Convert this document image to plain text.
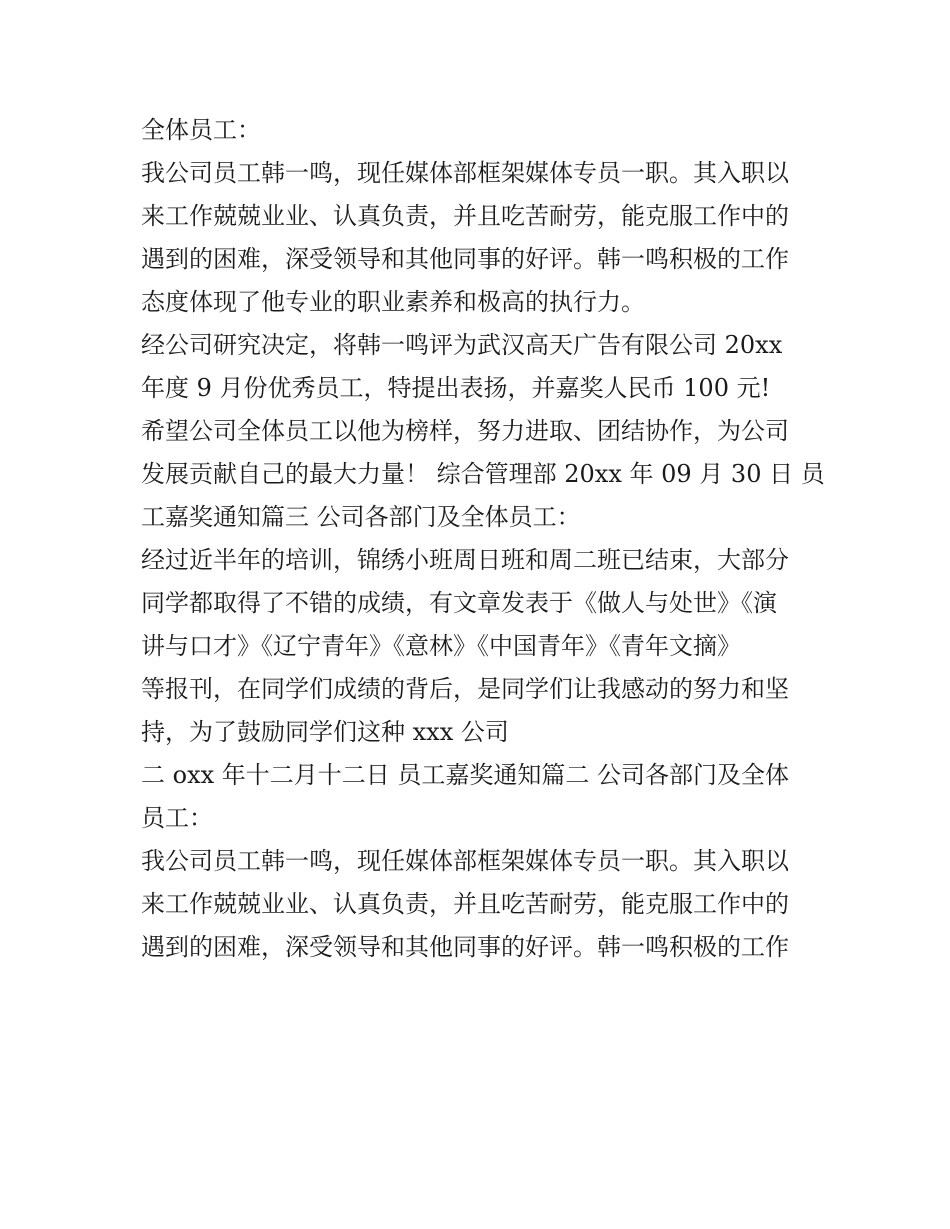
全体员工：

我公司员工韩一鸣，现任媒体部框架媒体专员一职。其入职以

来工作兢兢业业、认真负责，并且吃苦耐劳，能克服工作中的

遇到的困难，深受领导和其他同事的好评。韩一鸣积极的工作

态度体现了他专业的职业素养和极高的执行力。

经公司研究决定，将韩一鸣评为武汉高天广告有限公司 20xx

年度 9 月份优秀员工，特提出表扬，并嘉奖人民币 100 元!

希望公司全体员工以他为榜样，努力进取、团结协作，为公司

发展贡献自己的最大力量！ 综合管理部 20xx 年 09 月 30 日 员

工嘉奖通知篇三 公司各部门及全体员工：

经过近半年的培训，锦绣小班周日班和周二班已结束，大部分

同学都取得了不错的成绩，有文章发表于《做人与处世》《演

讲与口才》《辽宁青年》《意林》《中国青年》《青年文摘》

等报刊，在同学们成绩的背后，是同学们让我感动的努力和坚

持，为了鼓励同学们这种 xxx 公司

二 oxx 年十二月十二日 员工嘉奖通知篇二 公司各部门及全体

员工：

我公司员工韩一鸣，现任媒体部框架媒体专员一职。其入职以

来工作兢兢业业、认真负责，并且吃苦耐劳，能克服工作中的

遇到的困难，深受领导和其他同事的好评。韩一鸣积极的工作
